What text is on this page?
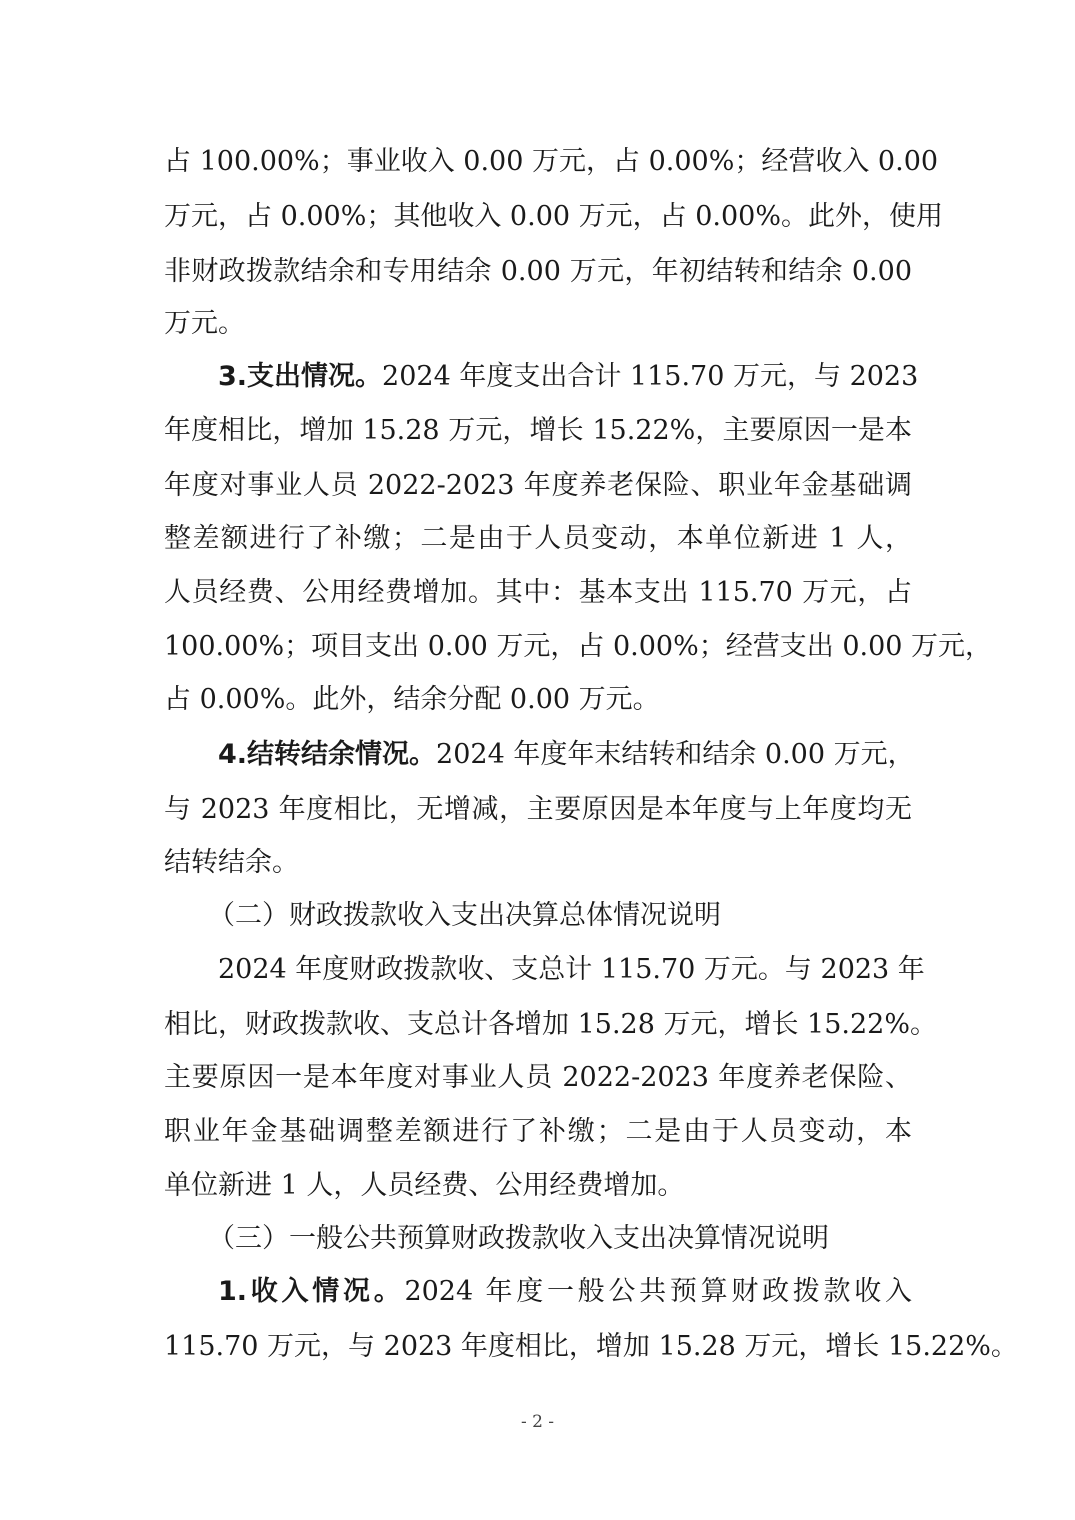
占 100.00%；事业收入 0.00 万元，占 0.00%；经营收入 0.00
万元，占 0.00%；其他收入 0.00 万元，占 0.00%。此外，使用
非财政拨款结余和专用结余 0.00 万元，年初结转和结余 0.00
万元。
3.支出情况。2024 年度支出合计 115.70 万元，与 2023
年度相比，增加 15.28 万元，增长 15.22%，主要原因一是本
年度对事业人员 2022-2023 年度养老保险、职业年金基础调
整差额进行了补缴；二是由于人员变动，本单位新进 1 人，
人员经费、公用经费增加。其中：基本支出 115.70 万元，占
100.00%；项目支出 0.00 万元，占 0.00%；经营支出 0.00 万元，
占 0.00%。此外，结余分配 0.00 万元。
4.结转结余情况。2024 年度年末结转和结余 0.00 万元，
与 2023 年度相比，无增减，主要原因是本年度与上年度均无
结转结余。
（二）财政拨款收入支出决算总体情况说明
2024 年度财政拨款收、支总计 115.70 万元。与 2023 年
相比，财政拨款收、支总计各增加 15.28 万元，增长 15.22%。
主要原因一是本年度对事业人员 2022-2023 年度养老保险、
职业年金基础调整差额进行了补缴；二是由于人员变动，本
单位新进 1 人，人员经费、公用经费增加。
（三）一般公共预算财政拨款收入支出决算情况说明
1.收入情况。2024 年度一般公共预算财政拨款收入
115.70 万元，与 2023 年度相比，增加 15.28 万元，增长 15.22%。
- 2 -
